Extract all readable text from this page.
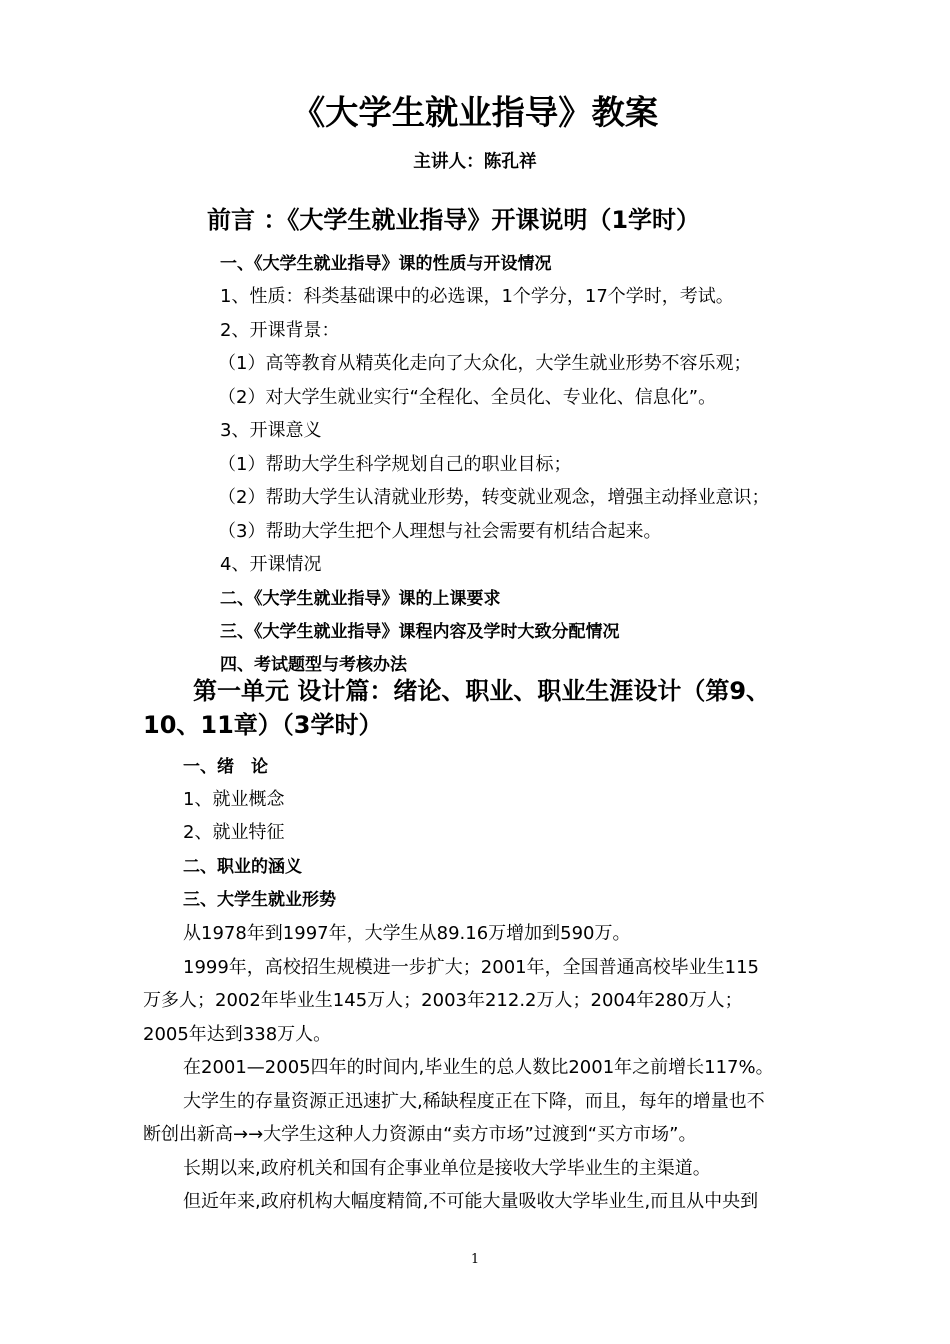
《大学生就业指导》教案
主讲人：陈孔祥
前言 ：《大学生就业指导》开课说明（1学时）
一、《大学生就业指导》课的性质与开设情况
1、性质：科类基础课中的必选课，1个学分，17个学时，考试。
2、开课背景：
（1）高等教育从精英化走向了大众化，大学生就业形势不容乐观；
（2）对大学生就业实行“全程化、全员化、专业化、信息化”。
3、开课意义
（1）帮助大学生科学规划自己的职业目标；
（2）帮助大学生认清就业形势，转变就业观念，增强主动择业意识；
（3）帮助大学生把个人理想与社会需要有机结合起来。
4、开课情况
二、《大学生就业指导》课的上课要求
三、《大学生就业指导》课程内容及学时大致分配情况
四、考试题型与考核办法
第一单元 设计篇：绪论、职业、职业生涯设计（第9、
10、11章）（3学时）
一、绪　论
1、就业概念
2、就业特征
二、职业的涵义
三、大学生就业形势
从1978年到1997年，大学生从89.16万增加到590万。
1999年，高校招生规模进一步扩大；2001年，全国普通高校毕业生115
万多人；2002年毕业生145万人；2003年212.2万人；2004年280万人；
2005年达到338万人。
在2001—2005四年的时间内,毕业生的总人数比2001年之前增长117%。
大学生的存量资源正迅速扩大,稀缺程度正在下降，而且，每年的增量也不
断创出新高→→大学生这种人力资源由“卖方市场”过渡到“买方市场”。
长期以来,政府机关和国有企事业单位是接收大学毕业生的主渠道。
但近年来,政府机构大幅度精简,不可能大量吸收大学毕业生,而且从中央到
1
